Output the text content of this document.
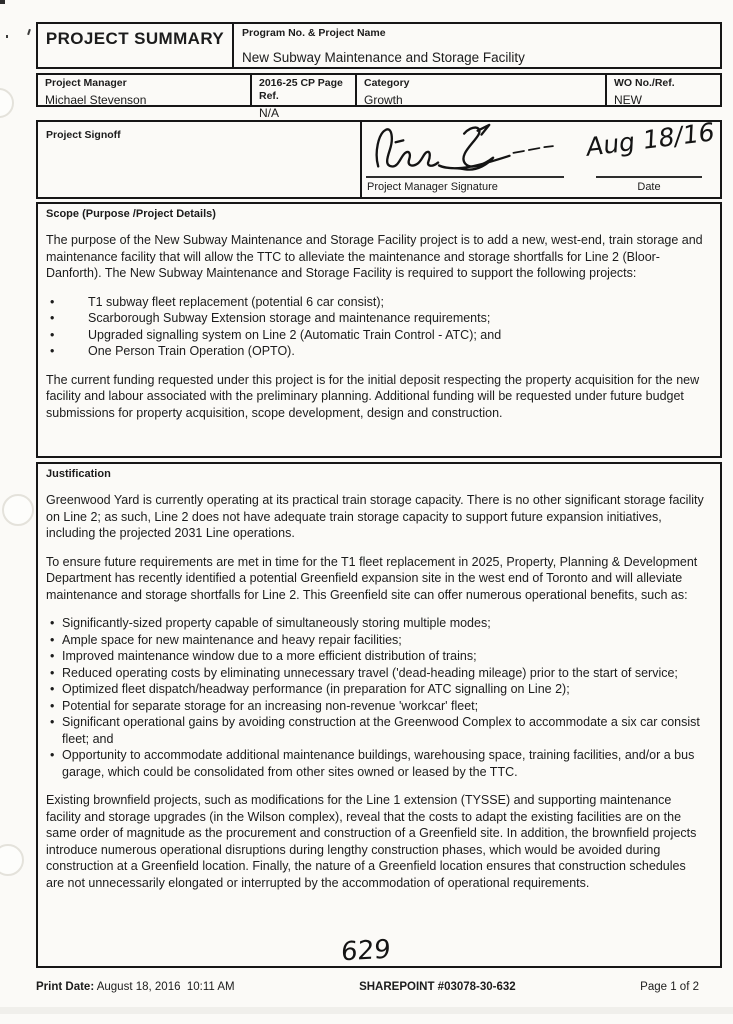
PROJECT SUMMARY Program No. & Project Name
New Subway Maintenance and Storage Facility
Project Manager
Michael Stevenson
2016-25 CP Page Ref.
N/A
Category
Growth
WO No./Ref.
NEW
Project Signoff
Project Manager Signature
Aug 18/16
Date
Scope (Purpose /Project Details)
The purpose of the New Subway Maintenance and Storage Facility project is to add a new, west-end, train storage and maintenance facility that will allow the TTC to alleviate the maintenance and storage shortfalls for Line 2 (Bloor-Danforth). The New Subway Maintenance and Storage Facility is required to support the following projects:
•	T1 subway fleet replacement (potential 6 car consist);
•	Scarborough Subway Extension storage and maintenance requirements;
•	Upgraded signalling system on Line 2 (Automatic Train Control - ATC); and
•	One Person Train Operation (OPTO).
The current funding requested under this project is for the initial deposit respecting the property acquisition for the new facility and labour associated with the preliminary planning. Additional funding will be requested under future budget submissions for property acquisition, scope development, design and construction.
Justification
Greenwood Yard is currently operating at its practical train storage capacity. There is no other significant storage facility on Line 2; as such, Line 2 does not have adequate train storage capacity to support future expansion initiatives, including the projected 2031 Line operations.
To ensure future requirements are met in time for the T1 fleet replacement in 2025, Property, Planning & Development Department has recently identified a potential Greenfield expansion site in the west end of Toronto and will alleviate maintenance and storage shortfalls for Line 2. This Greenfield site can offer numerous operational benefits, such as:
• Significantly-sized property capable of simultaneously storing multiple modes;
• Ample space for new maintenance and heavy repair facilities;
• Improved maintenance window due to a more efficient distribution of trains;
• Reduced operating costs by eliminating unnecessary travel ('dead-heading mileage) prior to the start of service;
• Optimized fleet dispatch/headway performance (in preparation for ATC signalling on Line 2);
• Potential for separate storage for an increasing non-revenue 'workcar' fleet;
• Significant operational gains by avoiding construction at the Greenwood Complex to accommodate a six car consist fleet; and
• Opportunity to accommodate additional maintenance buildings, warehousing space, training facilities, and/or a bus garage, which could be consolidated from other sites owned or leased by the TTC.
Existing brownfield projects, such as modifications for the Line 1 extension (TYSSE) and supporting maintenance facility and storage upgrades (in the Wilson complex), reveal that the costs to adapt the existing facilities are on the same order of magnitude as the procurement and construction of a Greenfield site. In addition, the brownfield projects introduce numerous operational disruptions during lengthy construction phases, which would be avoided during construction at a Greenfield location. Finally, the nature of a Greenfield location ensures that construction schedules are not unnecessarily elongated or interrupted by the accommodation of operational requirements.
629
Print Date: August 18, 2016  10:11 AM	SHAREPOINT #03078-30-632	Page 1 of 2
